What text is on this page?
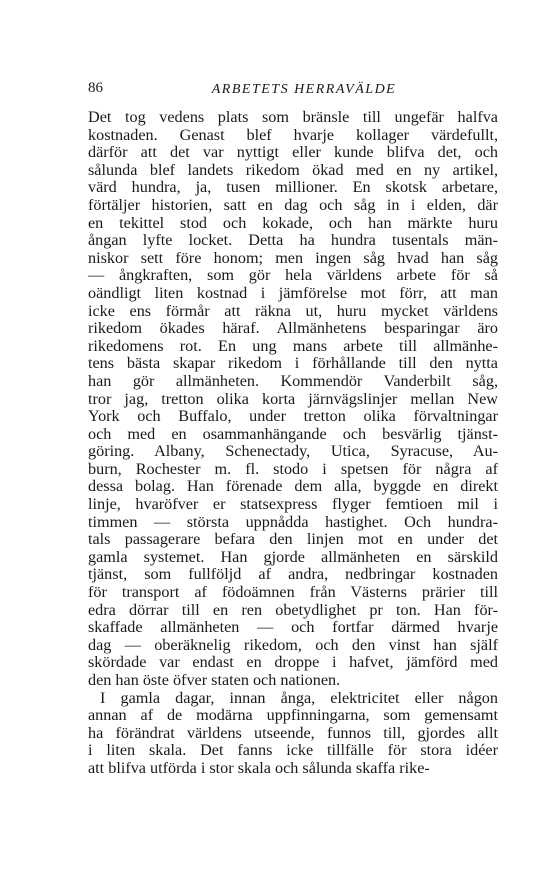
86	ARBETETS HERRAVÄLDE
Det tog vedens plats som bränsle till ungefär halfva
kostnaden. Genast blef hvarje kollager värdefullt,
därför att det var nyttigt eller kunde blifva det, och
sålunda blef landets rikedom ökad med en ny artikel,
värd hundra, ja, tusen millioner. En skotsk arbetare,
förtäljer historien, satt en dag och såg in i elden, där
en tekittel stod och kokade, och han märkte huru
ångan lyfte locket. Detta ha hundra tusentals män-
niskor sett före honom; men ingen såg hvad han såg
— ångkraften, som gör hela världens arbete för så
oändligt liten kostnad i jämförelse mot förr, att man
icke ens förmår att räkna ut, huru mycket världens
rikedom ökades häraf. Allmänhetens besparingar äro
rikedomens rot. En ung mans arbete till allmänhe-
tens bästa skapar rikedom i förhållande till den nytta
han gör allmänheten. Kommendör Vanderbilt såg,
tror jag, tretton olika korta järnvägslinjer mellan New
York och Buffalo, under tretton olika förvaltningar
och med en osammanhängande och besvärlig tjänst-
göring. Albany, Schenectady, Utica, Syracuse, Au-
burn, Rochester m. fl. stodo i spetsen för några af
dessa bolag. Han förenade dem alla, byggde en direkt
linje, hvaröfver er statsexpress flyger femtioen mil i
timmen — största uppnådda hastighet. Och hundra-
tals passagerare befara den linjen mot en under det
gamla systemet. Han gjorde allmänheten en särskild
tjänst, som fullföljd af andra, nedbringar kostnaden
för transport af födoämnen från Västerns prärier till
edra dörrar till en ren obetydlighet pr ton. Han för-
skaffade allmänheten — och fortfar därmed hvarje
dag — oberäknelig rikedom, och den vinst han själf
skördade var endast en droppe i hafvet, jämförd med
den han öste öfver staten och nationen.
I gamla dagar, innan ånga, elektricitet eller någon
annan af de modärna uppfinningarna, som gemensamt
ha förändrat världens utseende, funnos till, gjordes allt
i liten skala. Det fanns icke tillfälle för stora idéer
att blifva utförda i stor skala och sålunda skaffa rike-
